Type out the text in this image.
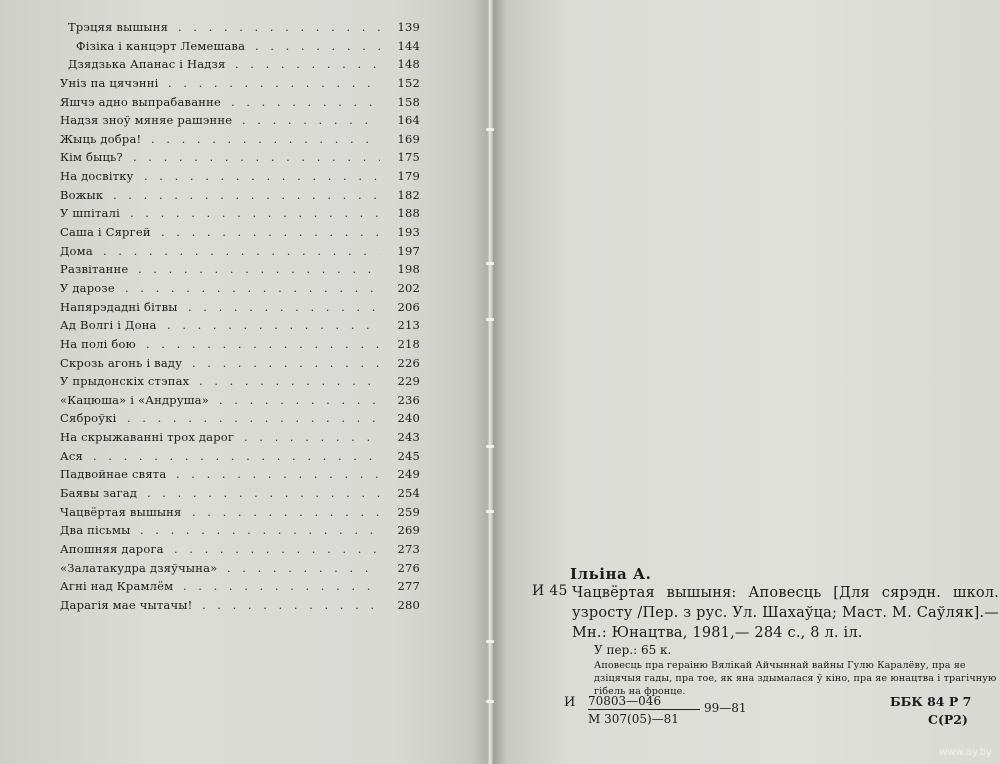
. . .
Трэцяя вышыня	139
. . .
Фізіка і канцэрт Лемешава	144
. . .
Дзядзька Апанас і Надзя	148
. . .
Уніз па цячэнні	152
. . .
Яшчэ адно выпрабаванне	158
. . .
Надзя зноў мяняе рашэнне	164
. . .
Жыць добра!	169
. . .
Кім быць?	175
. . .
На досвітку	179
. . .
Вожык	182
. . .
У шпіталі	188
. . .
Саша і Сяргей	193
. . .
Дома	197
. . .
Развітанне	198
. . .
У дарозе	202
. . .
Напярэдадні бітвы	206
. . .
Ад Волгі і Дона	213
. . .
На полі бою	218
. . .
Скрозь агонь і ваду	226
. . .
У прыдонскіх стэпах	229
. . .
«Кацюша» і «Андруша»	236
. . .
Сяброўкі	240
. . .
На скрыжаванні трох дарог	243
. . .
Ася	245
. . .
Падвойнае свята	249
. . .
Баявы загад	254
. . .
Чацвёртая вышыня	259
. . .
Два пісьмы	269
. . .
Апошняя дарога	273
. . .
«Залатакудра дзяўчына»	276
. . .
Агні над Крамлём	277
. . .
Дарагія мае чытачы!	280
Ільіна А.
И 45 Чацвёртая вышыня: Аповесць [Для сярэдн. школ. узросту /Пер. з рус. Ул. Шахаўца; Маст. М. Саўляк].— Мн.: Юнацтва, 1981,— 284 с., 8 л. іл.
У пер.: 65 к.
Аповесць пра гераіню Вялікай Айчыннай вайны Гулю Каралёву, пра яе дзіцячыя гады, пра тое, як яна здымалася ў кіно, пра яе юнацтва і трагічную гібель на фронце.
И 70803—046
М 307(05)—81
99—81	ББК 84 Р 7
С(Р2)
www.ay.by
